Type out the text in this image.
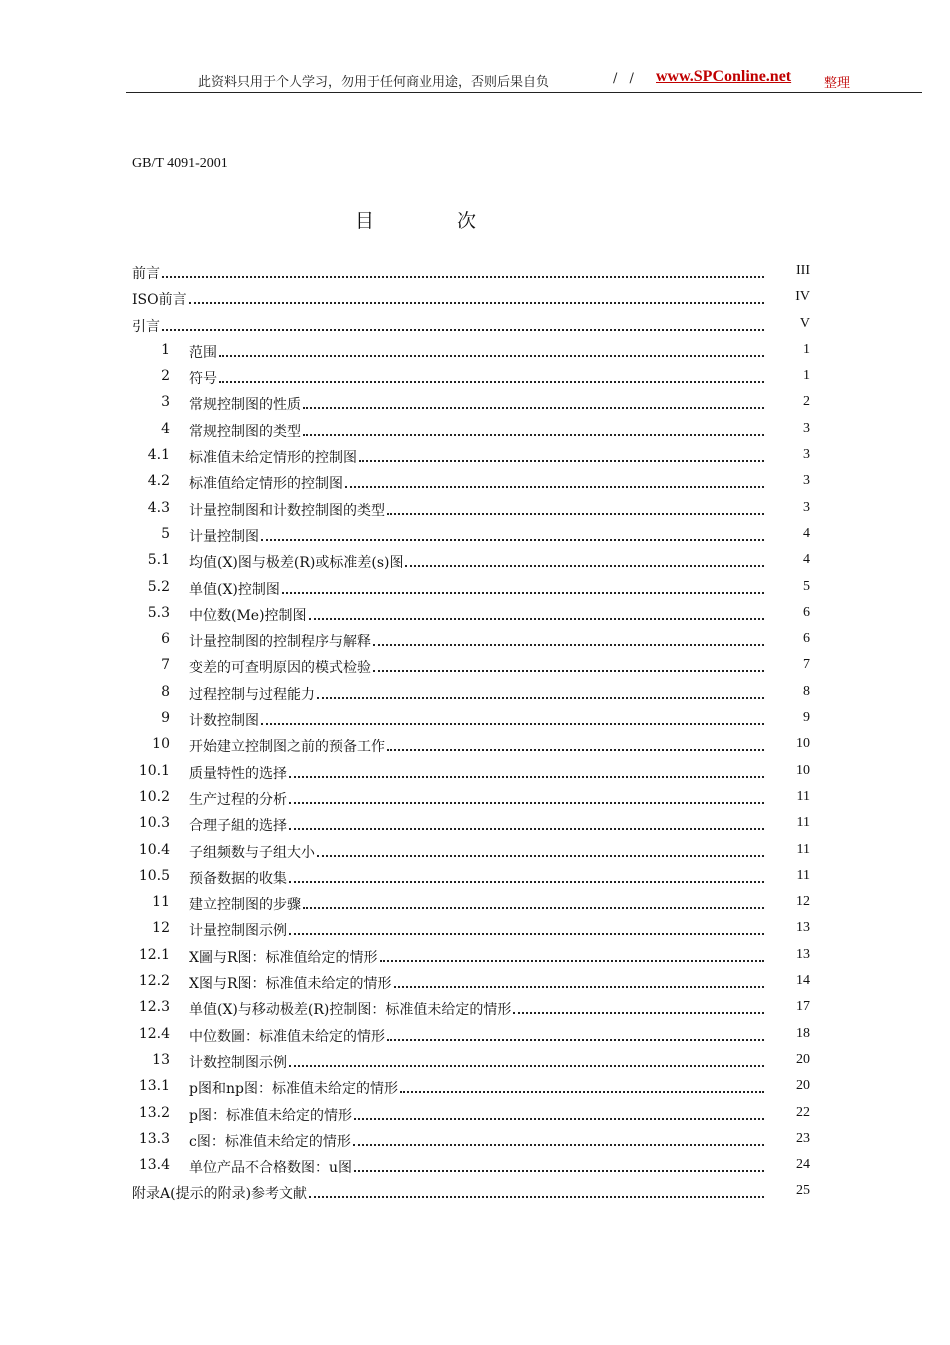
此资料只用于个人学习，勿用于任何商业用途，否则后果自负	/ / www.SPConline.net	整理
GB/T 4091-2001
目	次
前言	III
ISO前言	IV
引言	V
1 范围	1
2 符号	1
3 常规控制图的性质	2
4 常规控制图的类型	3
4.1 标准值未给定情形的控制图	3
4.2 标准值给定情形的控制图	3
4.3 计量控制图和计数控制图的类型	3
5 计量控制图	4
5.1 均值(X)图与极差(R)或标准差(s)图	4
5.2 单值(X)控制图	5
5.3 中位数(Me)控制图	6
6 计量控制图的控制程序与解释	6
7 变差的可查明原因的模式检验	7
8 过程控制与过程能力	8
9 计数控制图	9
10 开始建立控制图之前的预备工作	10
10.1 质量特性的选择	10
10.2 生产过程的分析	11
10.3 合理子組的选择	11
10.4 子组频数与子组大小	11
10.5 预备数据的收集	11
11 建立控制图的步骤	12
12 计量控制图示例	13
12.1 X圖与R图：标准值给定的情形	13
12.2 X图与R图：标准值未给定的情形	14
12.3 单值(X)与移动极差(R)控制图：标准值未给定的情形	17
12.4 中位数圖：标准值未给定的情形	18
13 计数控制图示例	20
13.1 p图和np图：标准值未给定的情形	20
13.2 p图：标准值未给定的情形	22
13.3 c图：标准值未给定的情形	23
13.4 单位产品不合格数图：u图	24
附录A(提示的附录)参考文献	25
